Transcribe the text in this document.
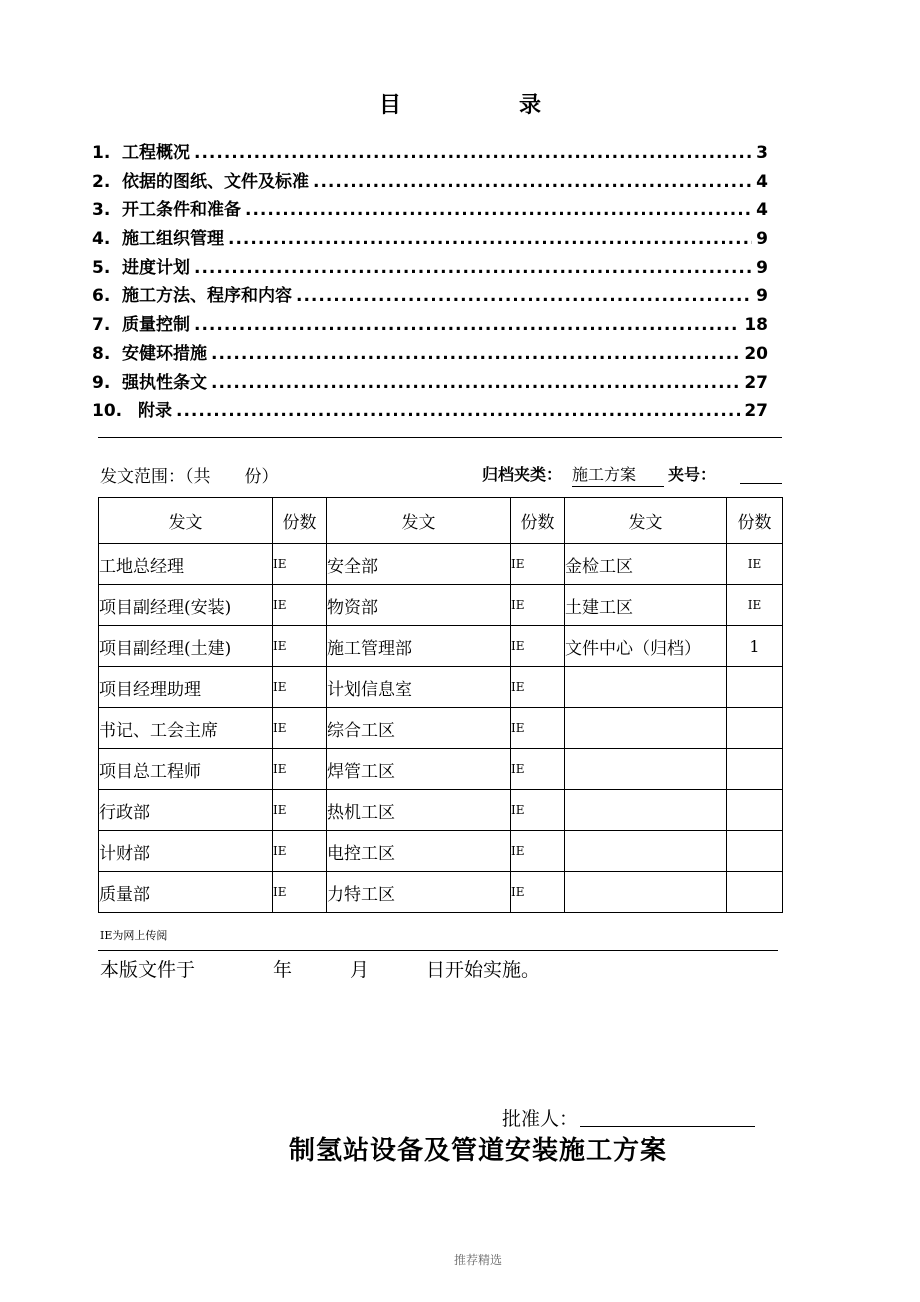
目　录
1. 工程概况 .....	3
2. 依据的图纸、文件及标准 .....	4
3. 开工条件和准备 .....	4
4. 施工组织管理 .....	9
5. 进度计划 .....	9
6. 施工方法、程序和内容 .....	9
7. 质量控制 .....	18
8. 安健环措施 .....	20
9. 强执性条文 .....	27
10. 附录 .....	27
发文范围：（共　　份）	归档夹类： 施工方案	夹号：
发文	份数	发文	份数	发文	份数
工地总经理	IE	安全部	IE	金检工区	IE
项目副经理(安装)	IE	物资部	IE	土建工区	IE
项目副经理(土建)	IE	施工管理部	IE	文件中心（归档）	1
项目经理助理	IE	计划信息室	IE		
书记、工会主席	IE	综合工区	IE		
项目总工程师	IE	焊管工区	IE		
行政部	IE	热机工区	IE		
计财部	IE	电控工区	IE		
质量部	IE	力特工区	IE		
IE为网上传阅
本版文件于	年	月	日开始实施。
批准人：
制氢站设备及管道安装施工方案
推荐精选
